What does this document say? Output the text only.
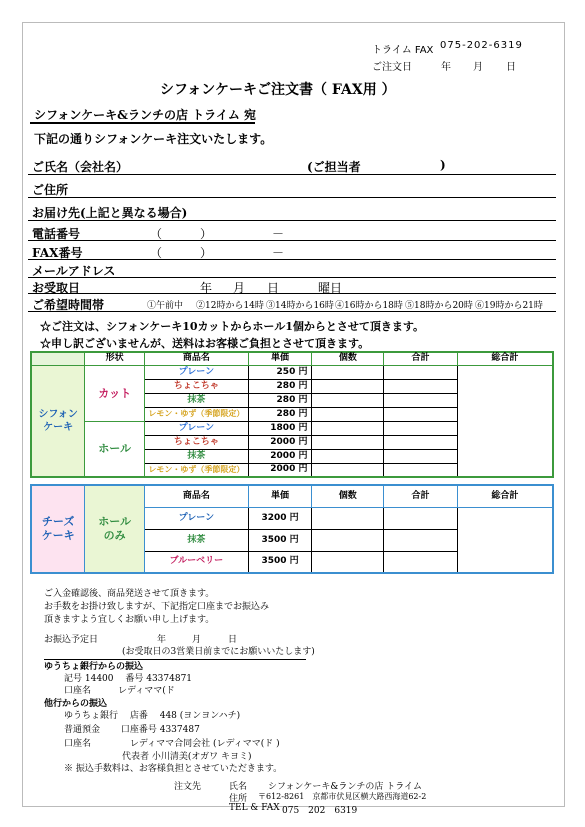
トライム FAX 075-202-6319
ご注文日	年 月 日
シフォンケーキご注文書（ FAX用 ）
シフォンケーキ&ランチの店 トライム 宛
下記の通りシフォンケーキ注文いたします。
ご氏名（会社名）	(ご担当者	)
ご住所
お届け先(上記と異なる場合)
電話番号	（	）	－
FAX番号	（	）	－
メールアドレス
お受取日	年 月 日	曜日
ご希望時間帯	①午前中 ②12時から14時 ③14時から16時 ④16時から18時 ⑤18時から20時 ⑥19時から21時
☆ご注文は、シフォンケーキ10カットからホール1個からとさせて頂きます。
☆申し訳ございませんが、送料はお客様ご負担とさせて頂きます。
	形状	商品名	単価	個数	合計	総合計
シフォン
ケーキ	カット	プレーン	250 円			
		ちょこちゃ	280 円			
		抹茶	280 円			
		レモン・ゆず（季節限定）	280 円			
	ホール	プレーン	1800 円			
		ちょこちゃ	2000 円			
		抹茶	2000 円			
		レモン・ゆず（季節限定）	2000 円			
チーズ
ケーキ	ホール
のみ	商品名	単価	個数	合計	総合計
		プレーン	3200 円			
		抹茶	3500 円			
		ブルーベリー	3500 円			
ご入金確認後、商品発送させて頂きます。
お手数をお掛け致しますが、下記指定口座までお振込み
頂きますよう宜しくお願い申し上げます。
お振込予定日	年	月	日
(お受取日の3営業日前までにお願いいたします)
ゆうちょ銀行からの振込
記号 14400　 番号 43374871
口座名　　　レディママ(ド
他行からの振込
ゆうちょ銀行　 店番　 448 (ヨンヨンハチ)
普通預金　　 口座番号 4337487
口座名　　　　 レディママ合同会社 (レディママ(ド )
代表者 小川清美(オガワ キヨミ)
※ 振込手数料は、お客様負担とさせていただきます。
注文先	氏名 シフォンケーキ&ランチの店 トライム
住所 〒612-8261　京都市伏見区横大路西海道62-2
TEL & FAX 075　202　6319
